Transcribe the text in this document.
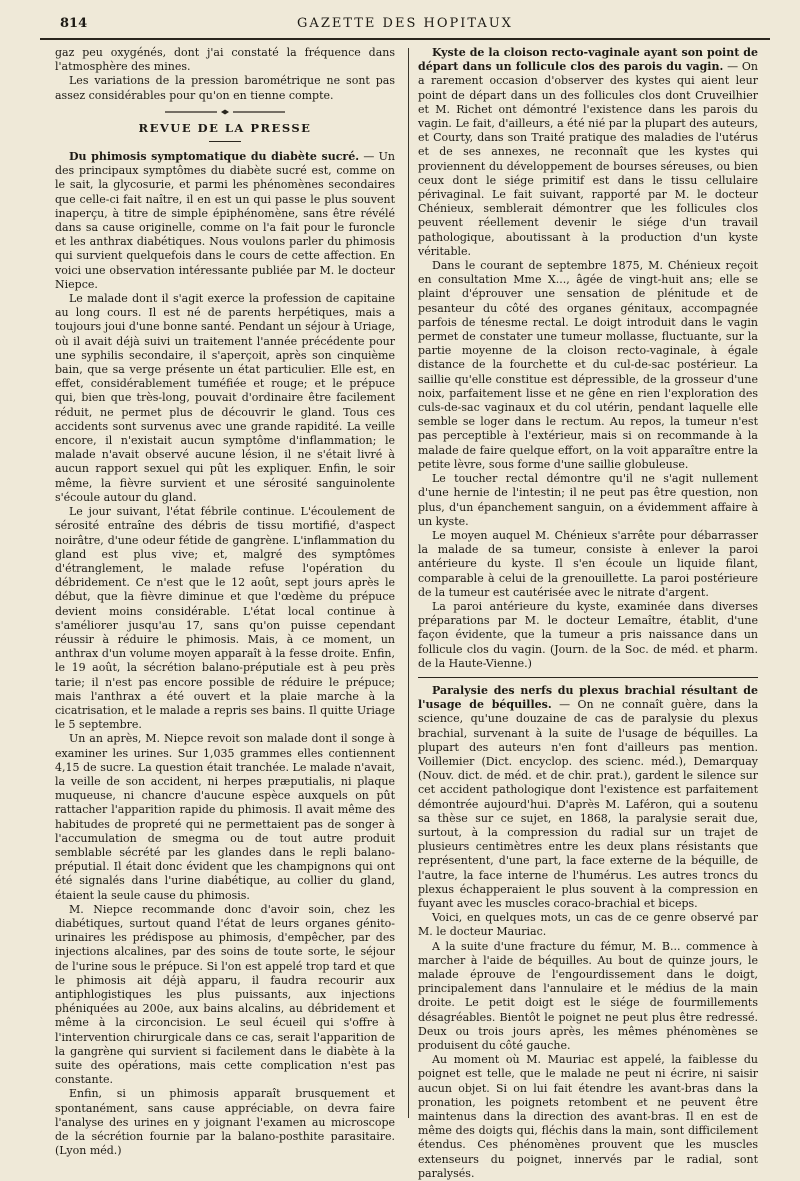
814	GAZETTE DES HOPITAUX

gaz peu oxygénés, dont j'ai constaté la fréquence dans l'atmosphère des mines.

Les variations de la pression barométrique ne sont pas assez considérables pour qu'on en tienne compte.

REVUE DE LA PRESSE

Du phimosis symptomatique du diabète sucré. — Un des principaux symptômes du diabète sucré est, comme on le sait, la glycosurie, et parmi les phénomènes secondaires que celle-ci fait naître, il en est un qui passe le plus souvent inaperçu, à titre de simple épiphénomène, sans être révélé dans sa cause originelle, comme on l'a fait pour le furoncle et les anthrax diabétiques. Nous voulons parler du phimosis qui survient quelquefois dans le cours de cette affection. En voici une observation intéressante publiée par M. le docteur Niepce.

Le malade dont il s'agit exerce la profession de capitaine au long cours. Il est né de parents herpétiques, mais a toujours joui d'une bonne santé. Pendant un séjour à Uriage, où il avait déjà suivi un traitement l'année précédente pour une syphilis secondaire, il s'aperçoit, après son cinquième bain, que sa verge présente un état particulier. Elle est, en effet, considérablement tuméfiée et rouge; et le prépuce qui, bien que très-long, pouvait d'ordinaire être facilement réduit, ne permet plus de découvrir le gland. Tous ces accidents sont survenus avec une grande rapidité. La veille encore, il n'existait aucun symptôme d'inflammation; le malade n'avait observé aucune lésion, il ne s'était livré à aucun rapport sexuel qui pût les expliquer. Enfin, le soir même, la fièvre survient et une sérosité sanguinolente s'écoule autour du gland.

Le jour suivant, l'état fébrile continue. L'écoulement de sérosité entraîne des débris de tissu mortifié, d'aspect noirâtre, d'une odeur fétide de gangrène. L'inflammation du gland est plus vive; et, malgré des symptômes d'étranglement, le malade refuse l'opération du débridement. Ce n'est que le 12 août, sept jours après le début, que la fièvre diminue et que l'œdème du prépuce devient moins considérable. L'état local continue à s'améliorer jusqu'au 17, sans qu'on puisse cependant réussir à réduire le phimosis. Mais, à ce moment, un anthrax d'un volume moyen apparaît à la fesse droite. Enfin, le 19 août, la sécrétion balano-préputiale est à peu près tarie; il n'est pas encore possible de réduire le prépuce; mais l'anthrax a été ouvert et la plaie marche à la cicatrisation, et le malade a repris ses bains. Il quitte Uriage le 5 septembre.

Un an après, M. Niepce revoit son malade dont il songe à examiner les urines. Sur 1,035 grammes elles contiennent 4,15 de sucre. La question était tranchée. Le malade n'avait, la veille de son accident, ni herpes præputialis, ni plaque muqueuse, ni chancre d'aucune espèce auxquels on pût rattacher l'apparition rapide du phimosis. Il avait même des habitudes de propreté qui ne permettaient pas de songer à l'accumulation de smegma ou de tout autre produit semblable sécrété par les glandes dans le repli balano-préputial. Il était donc évident que les champignons qui ont été signalés dans l'urine diabétique, au collier du gland, étaient la seule cause du phimosis.

M. Niepce recommande donc d'avoir soin, chez les diabétiques, surtout quand l'état de leurs organes génito-urinaires les prédispose au phimosis, d'empêcher, par des injections alcalines, par des soins de toute sorte, le séjour de l'urine sous le prépuce. Si l'on est appelé trop tard et que le phimosis ait déjà apparu, il faudra recourir aux antiphlogistiques les plus puissants, aux injections phéniquées au 200e, aux bains alcalins, au débridement et même à la circoncision. Le seul écueil qui s'offre à l'intervention chirurgicale dans ce cas, serait l'apparition de la gangrène qui survient si facilement dans le diabète à la suite des opérations, mais cette complication n'est pas constante.

Enfin, si un phimosis apparaît brusquement et spontanément, sans cause appréciable, on devra faire l'analyse des urines en y joignant l'examen au microscope de la sécrétion fournie par la balano-posthite parasitaire. (Lyon méd.)

Kyste de la cloison recto-vaginale ayant son point de départ dans un follicule clos des parois du vagin. — On a rarement occasion d'observer des kystes qui aient leur point de départ dans un des follicules clos dont Cruveilhier et M. Richet ont démontré l'existence dans les parois du vagin. Le fait, d'ailleurs, a été nié par la plupart des auteurs, et Courty, dans son Traité pratique des maladies de l'utérus et de ses annexes, ne reconnaît que les kystes qui proviennent du développement de bourses séreuses, ou bien ceux dont le siége primitif est dans le tissu cellulaire périvaginal. Le fait suivant, rapporté par M. le docteur Chénieux, semblerait démontrer que les follicules clos peuvent réellement devenir le siége d'un travail pathologique, aboutissant à la production d'un kyste véritable.

Dans le courant de septembre 1875, M. Chénieux reçoit en consultation Mme X..., âgée de vingt-huit ans; elle se plaint d'éprouver une sensation de plénitude et de pesanteur du côté des organes génitaux, accompagnée parfois de ténesme rectal. Le doigt introduit dans le vagin permet de constater une tumeur mollasse, fluctuante, sur la partie moyenne de la cloison recto-vaginale, à égale distance de la fourchette et du cul-de-sac postérieur. La saillie qu'elle constitue est dépressible, de la grosseur d'une noix, parfaitement lisse et ne gêne en rien l'exploration des culs-de-sac vaginaux et du col utérin, pendant laquelle elle semble se loger dans le rectum. Au repos, la tumeur n'est pas perceptible à l'extérieur, mais si on recommande à la malade de faire quelque effort, on la voit apparaître entre la petite lèvre, sous forme d'une saillie globuleuse.

Le toucher rectal démontre qu'il ne s'agit nullement d'une hernie de l'intestin; il ne peut pas être question, non plus, d'un épanchement sanguin, on a évidemment affaire à un kyste.

Le moyen auquel M. Chénieux s'arrête pour débarrasser la malade de sa tumeur, consiste à enlever la paroi antérieure du kyste. Il s'en écoule un liquide filant, comparable à celui de la grenouillette. La paroi postérieure de la tumeur est cautérisée avec le nitrate d'argent.

La paroi antérieure du kyste, examinée dans diverses préparations par M. le docteur Lemaître, établit, d'une façon évidente, que la tumeur a pris naissance dans un follicule clos du vagin. (Journ. de la Soc. de méd. et pharm. de la Haute-Vienne.)

Paralysie des nerfs du plexus brachial résultant de l'usage de béquilles. — On ne connaît guère, dans la science, qu'une douzaine de cas de paralysie du plexus brachial, survenant à la suite de l'usage de béquilles. La plupart des auteurs n'en font d'ailleurs pas mention. Voillemier (Dict. encyclop. des scienc. méd.), Demarquay (Nouv. dict. de méd. et de chir. prat.), gardent le silence sur cet accident pathologique dont l'existence est parfaitement démontrée aujourd'hui. D'après M. Laféron, qui a soutenu sa thèse sur ce sujet, en 1868, la paralysie serait due, surtout, à la compression du radial sur un trajet de plusieurs centimètres entre les deux plans résistants que représentent, d'une part, la face externe de la béquille, de l'autre, la face interne de l'humérus. Les autres troncs du plexus échapperaient le plus souvent à la compression en fuyant avec les muscles coraco-brachial et biceps.

Voici, en quelques mots, un cas de ce genre observé par M. le docteur Mauriac.

A la suite d'une fracture du fémur, M. B... commence à marcher à l'aide de béquilles. Au bout de quinze jours, le malade éprouve de l'engourdissement dans le doigt, principalement dans l'annulaire et le médius de la main droite. Le petit doigt est le siége de fourmillements désagréables. Bientôt le poignet ne peut plus être redressé. Deux ou trois jours après, les mêmes phénomènes se produisent du côté gauche.

Au moment où M. Mauriac est appelé, la faiblesse du poignet est telle, que le malade ne peut ni écrire, ni saisir aucun objet. Si on lui fait étendre les avant-bras dans la pronation, les poignets retombent et ne peuvent être maintenus dans la direction des avant-bras. Il en est de même des doigts qui, fléchis dans la main, sont difficilement étendus. Ces phénomènes prouvent que les muscles extenseurs du poignet, innervés par le radial, sont paralysés.
